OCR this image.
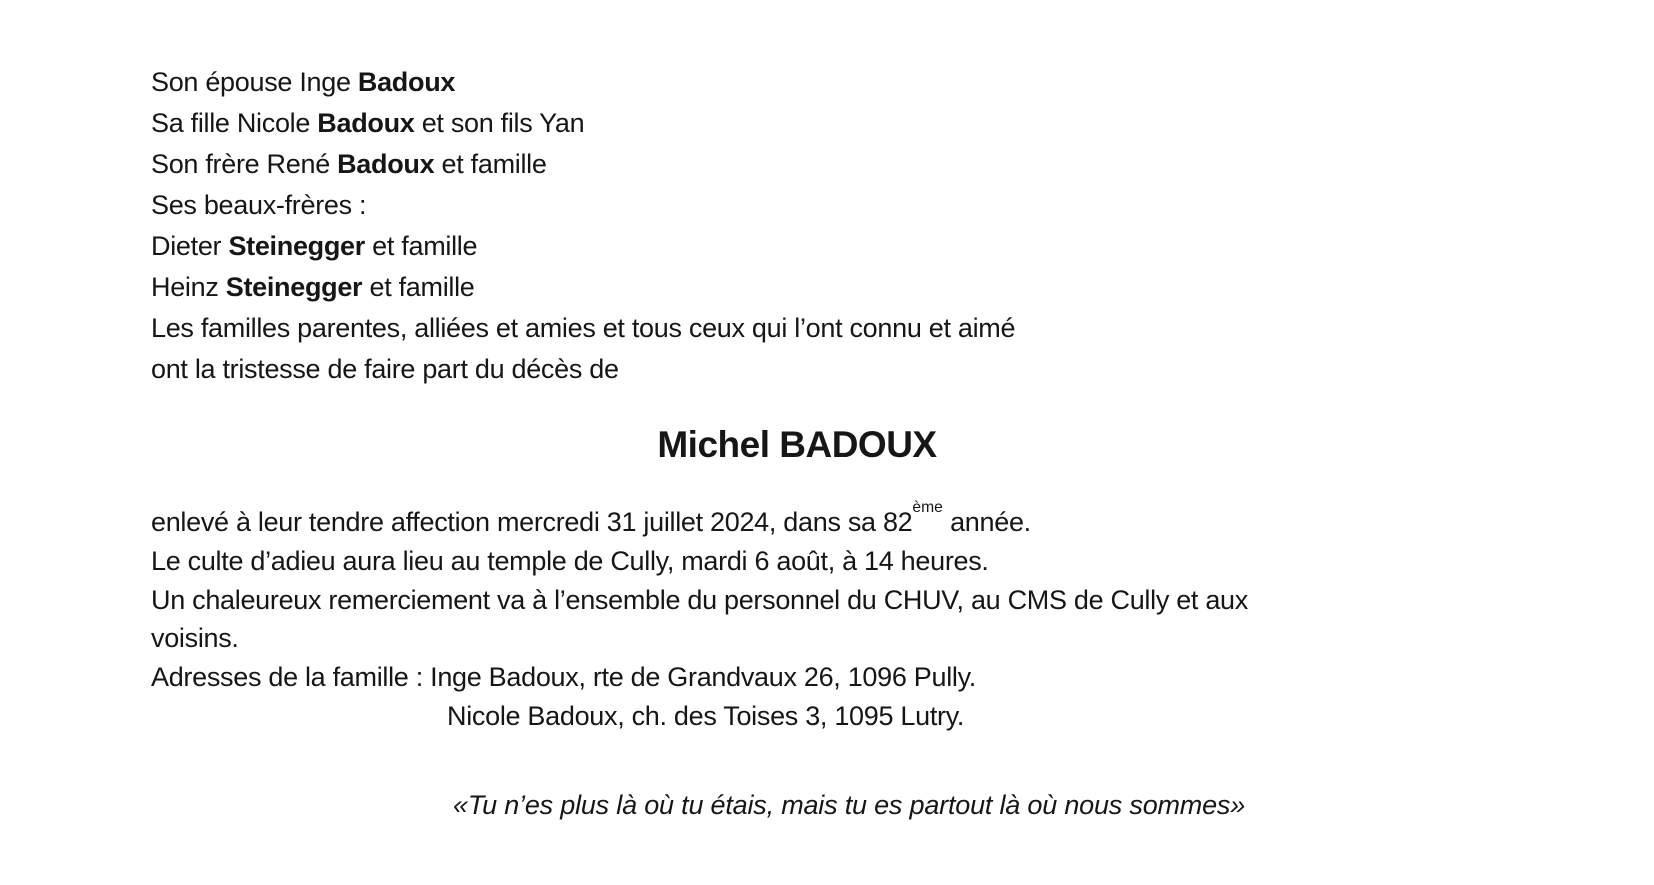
Son épouse Inge Badoux
Sa fille Nicole Badoux et son fils Yan
Son frère René Badoux et famille
Ses beaux-frères :
Dieter Steinegger et famille
Heinz Steinegger et famille
Les familles parentes, alliées et amies et tous ceux qui l’ont connu et aimé
ont la tristesse de faire part du décès de
Michel BADOUX
enlevé à leur tendre affection mercredi 31 juillet 2024, dans sa 82ème année.
Le culte d’adieu aura lieu au temple de Cully, mardi 6 août, à 14 heures.
Un chaleureux remerciement va à l’ensemble du personnel du CHUV, au CMS de Cully et aux
voisins.
Adresses de la famille : Inge Badoux, rte de Grandvaux 26, 1096 Pully.
Nicole Badoux, ch. des Toises 3, 1095 Lutry.

«Tu n’es plus là où tu étais, mais tu es partout là où nous sommes»
